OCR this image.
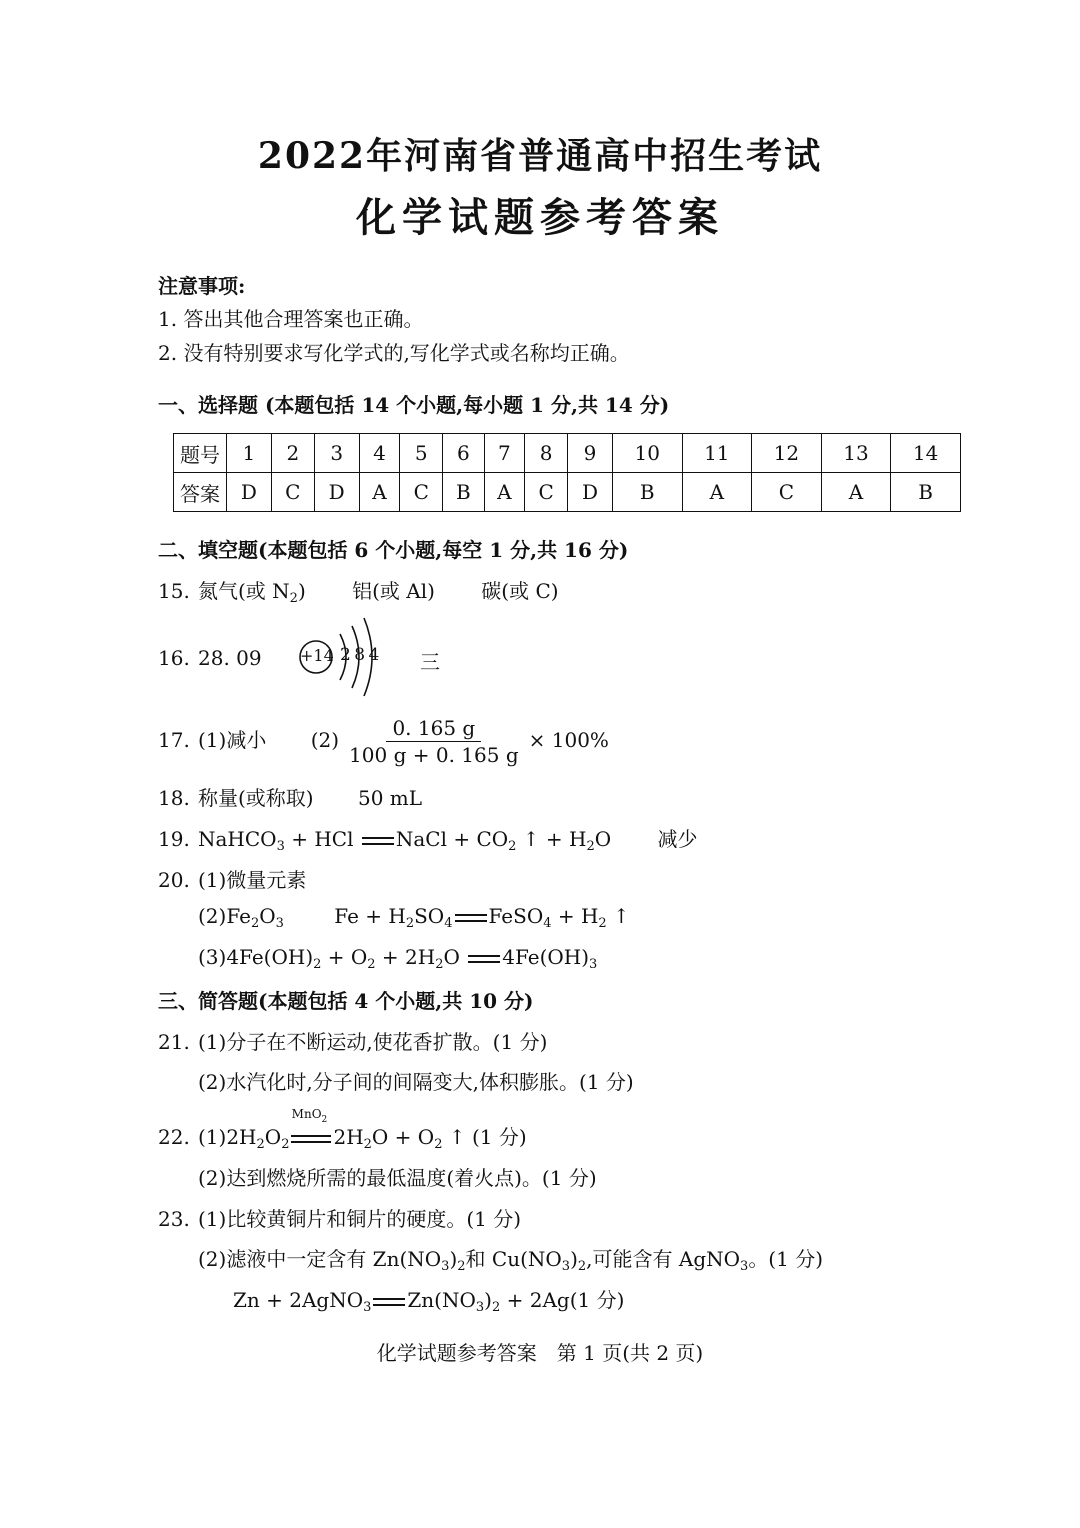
2022年河南省普通高中招生考试
化学试题参考答案
注意事项:
1. 答出其他合理答案也正确。
2. 没有特别要求写化学式的,写化学式或名称均正确。
一、选择题 (本题包括 14 个小题,每小题 1 分,共 14 分)
题号	1	2	3	4	5	6	7	8	9	10	11	12	13	14
答案	D	C	D	A	C	B	A	C	D	B	A	C	A	B
二、填空题(本题包括 6 个小题,每空 1 分,共 16 分)
15. 氮气(或 $N_2$) 铝(或 Al) 碳(或 C)
16. 28. 09 +14 2 8 4 三
17. (1)减小 $(2) \frac{0. 165 g}{100 g + 0. 165 g} \times 100\%$
18. 称量(或称取) 50 mL
19. NaHCO$_3$ + HCl NaCl + $CO_2$ ↑ + $H_2O$ 减少
20. (1)微量元素
$(2)Fe_2O_3$	$Fe + H_2SO_4$ FeSO$_4$ + $H_2$ ↑
$(3)4Fe(OH)_2 + O_2 + 2H_2O$ $4Fe(OH)_3$
三、简答题(本题包括 4 个小题,共 10 分)
21. (1)分子在不断运动,使花香扩散。(1 分)
(2)水汽化时,分子间的间隔变大,体积膨胀。(1 分)
22. $(1)2H_2O_2$
MnO$_2$
$2H_2O + O_2$ ↑ (1 分)
(2)达到燃烧所需的最低温度(着火点)。(1 分)
23. (1)比较黄铜片和铜片的硬度。(1 分)
(2)滤液中一定含有 $Zn(NO_3)_2$和 $Cu(NO_3)_2$,可能含有 AgNO$_3$。(1 分)
Zn + 2AgNO$_3$ $Zn(NO_3)_2 + 2Ag(1$ 分)
化学试题参考答案　第 1 页(共 2 页)
